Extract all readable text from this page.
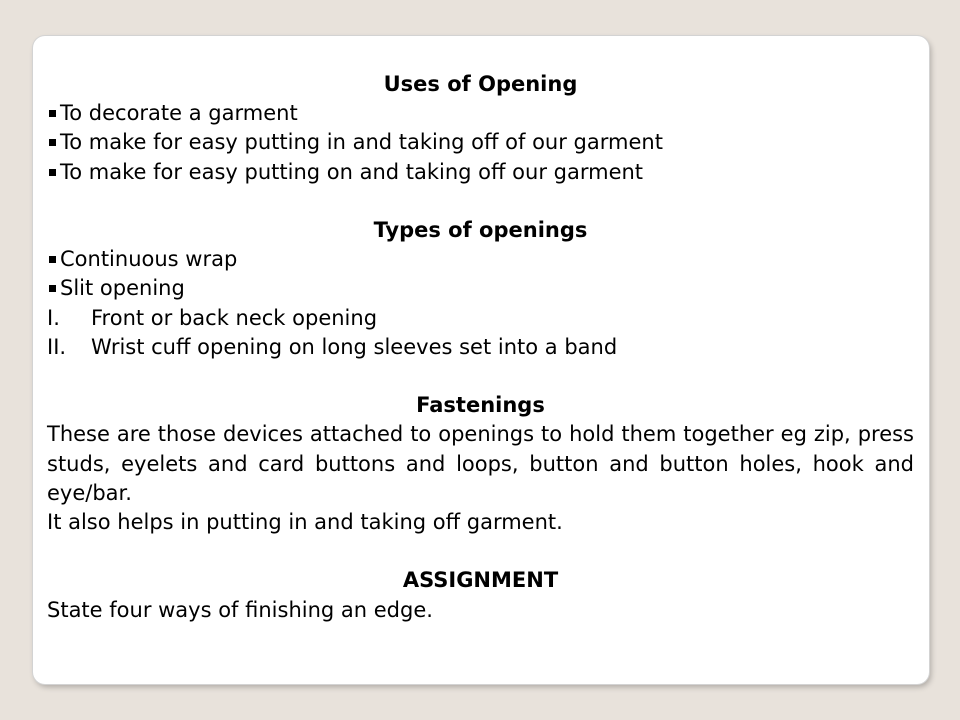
Uses of Opening
To decorate a garment
To make for easy putting in and taking off of our garment
To make for easy putting on and taking off our garment
Types of openings
Continuous wrap
Slit opening
I.	Front or back neck opening
II.	Wrist cuff opening on long sleeves set into a band
Fastenings
These are those devices attached to openings to hold them together eg zip, press studs, eyelets and card buttons and loops, button and button holes, hook and eye/bar.
It also helps in putting in and taking off garment.
ASSIGNMENT
State four ways of finishing an edge.
